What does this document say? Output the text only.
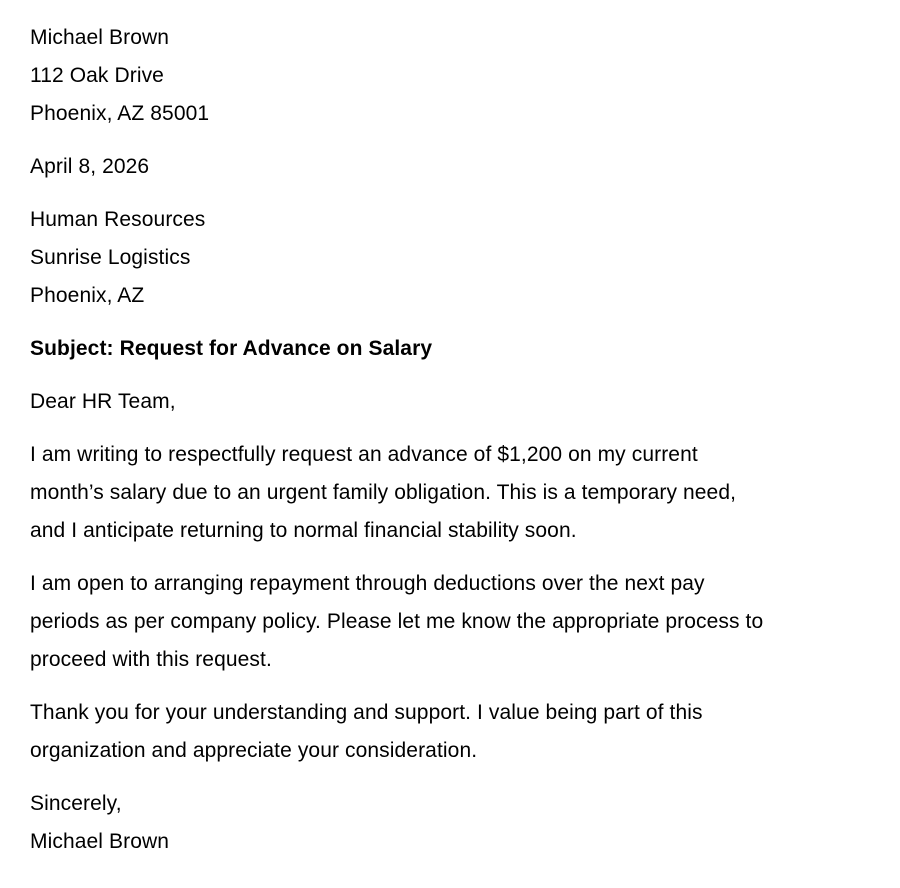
Michael Brown
112 Oak Drive
Phoenix, AZ 85001
April 8, 2026
Human Resources
Sunrise Logistics
Phoenix, AZ
Subject: Request for Advance on Salary
Dear HR Team,
I am writing to respectfully request an advance of $1,200 on my current
month’s salary due to an urgent family obligation. This is a temporary need,
and I anticipate returning to normal financial stability soon.
I am open to arranging repayment through deductions over the next pay
periods as per company policy. Please let me know the appropriate process to
proceed with this request.
Thank you for your understanding and support. I value being part of this
organization and appreciate your consideration.
Sincerely,
Michael Brown
